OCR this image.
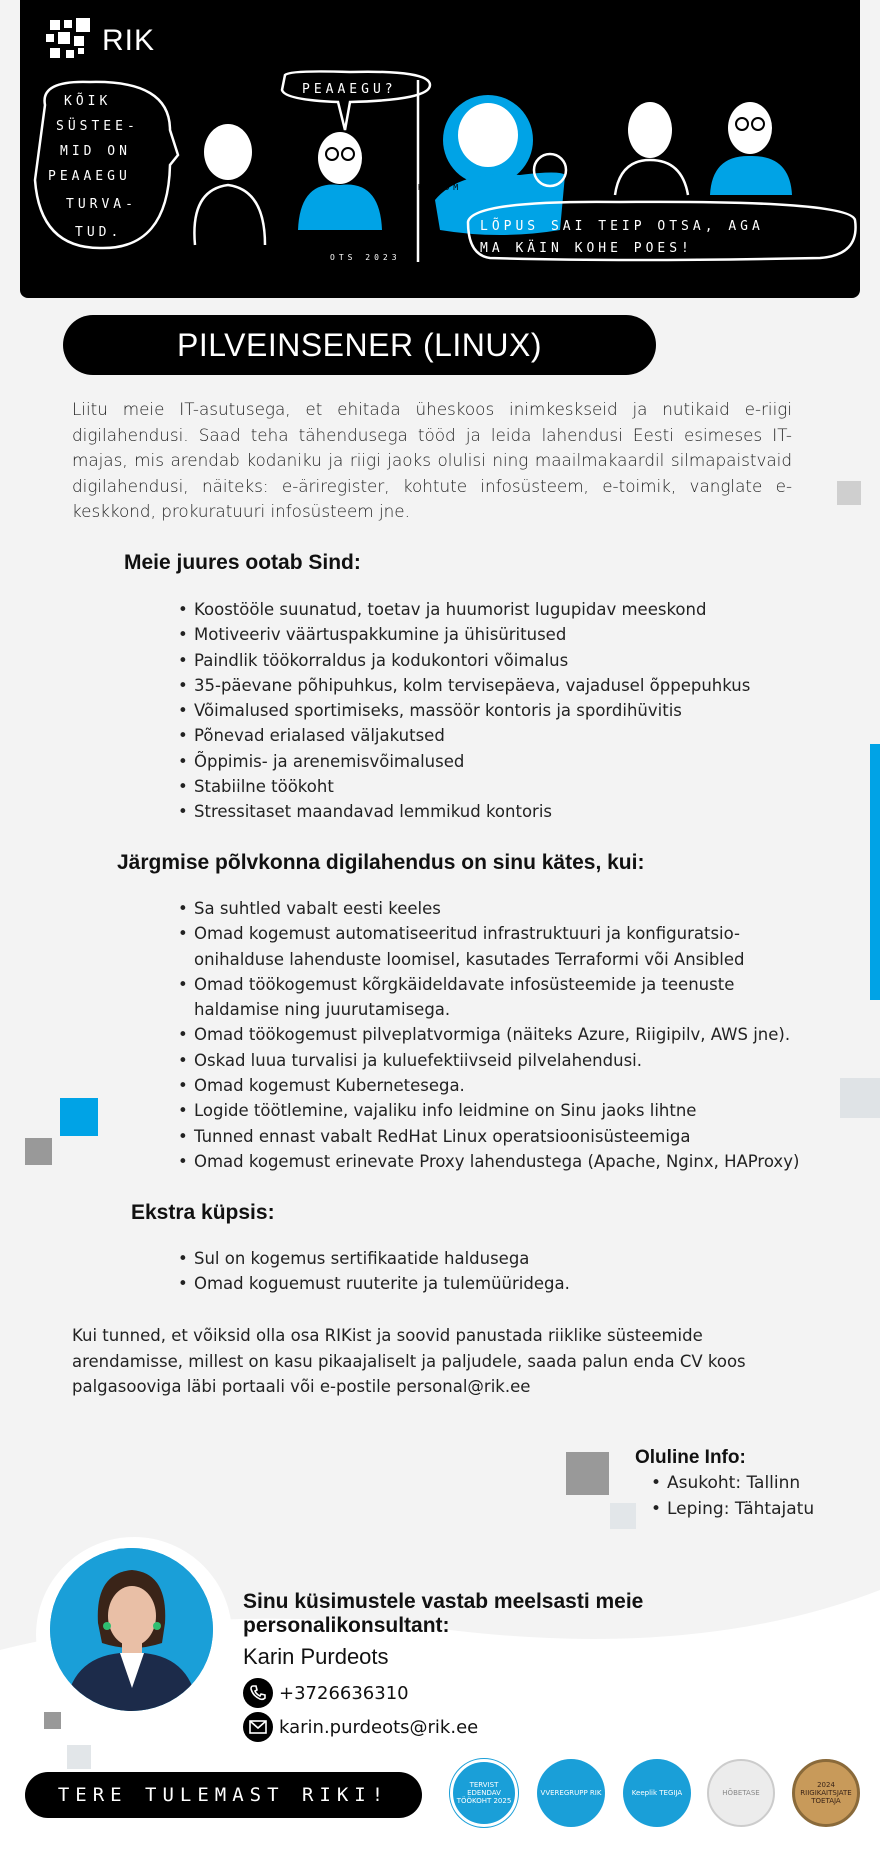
KÕIK
SÜSTEE-
MID ON
PEAAEGU
TURVA-
TUD.
PEAAEGU?
LÕPUS SAI TEIP OTSA, AGA
MA KÄIN KOHE POES!
OTS 2023
KELOM
RIK
PILVEINSENER (LINUX)

Liitu meie IT-asutusega, et ehitada üheskoos inimkeskseid ja nutikaid e-riigi digilahendusi. Saad teha tähendusega tööd ja leida lahendusi Eesti esimeses IT-majas, mis arendab kodaniku ja riigi jaoks olulisi ning maailmakaardil silmapaistvaid digilahendusi, näiteks: e-äriregister, kohtute infosüsteem, e-toimik, vanglate e-keskkond, prokuratuuri infosüsteem jne.

Meie juures ootab Sind:
• Koostööle suunatud, toetav ja huumorist lugupidav meeskond
• Motiveeriv väärtuspakkumine ja ühisüritused
• Paindlik töökorraldus ja kodukontori võimalus
• 35-päevane põhipuhkus, kolm tervisepäeva, vajadusel õppepuhkus
• Võimalused sportimiseks, massöör kontoris ja spordihüvitis
• Põnevad erialased väljakutsed
• Õppimis- ja arenemisvõimalused
• Stabiilne töökoht
• Stressitaset maandavad lemmikud kontoris
Järgmise põlvkonna digilahendus on sinu kätes, kui:
• Sa suhtled vabalt eesti keeles
• Omad kogemust automatiseeritud infrastruktuuri ja konfiguratsio-
onihalduse lahenduste loomisel, kasutades Terraformi või Ansibled
• Omad töökogemust kõrgkäideldavate infosüsteemide ja teenuste
haldamise ning juurutamisega.
• Omad töökogemust pilveplatvormiga (näiteks Azure, Riigipilv, AWS jne).
• Oskad luua turvalisi ja kuluefektiivseid pilvelahendusi.
• Omad kogemust Kubernetesega.
• Logide töötlemine, vajaliku info leidmine on Sinu jaoks lihtne
• Tunned ennast vabalt RedHat Linux operatsioonisüsteemiga
• Omad kogemust erinevate Proxy lahendustega (Apache, Nginx, HAProxy)
Ekstra küpsis:
• Sul on kogemus sertifikaatide haldusega
• Omad koguemust ruuterite ja tulemüüridega.

Kui tunned, et võiksid olla osa RIKist ja soovid panustada riiklike süsteemide arendamisse, millest on kasu pikaajaliselt ja paljudele, saada palun enda CV koos palgasooviga läbi portaali või e-postile personal@rik.ee

Oluline Info:
• Asukoht: Tallinn
• Leping: Tähtajatu
Sinu küsimustele vastab meelsasti meie personalikonsultant:
Karin Purdeots
+3726636310
karin.purdeots@rik.ee
TERE TULEMAST RIKI!	TERVIST EDENDAV TÖÖKOHT 2025
VVEREGRUPP RIK	Keeplik TEGIJA	HÕBETASE
2024 RIIGIKAITSJATE TOETAJA
